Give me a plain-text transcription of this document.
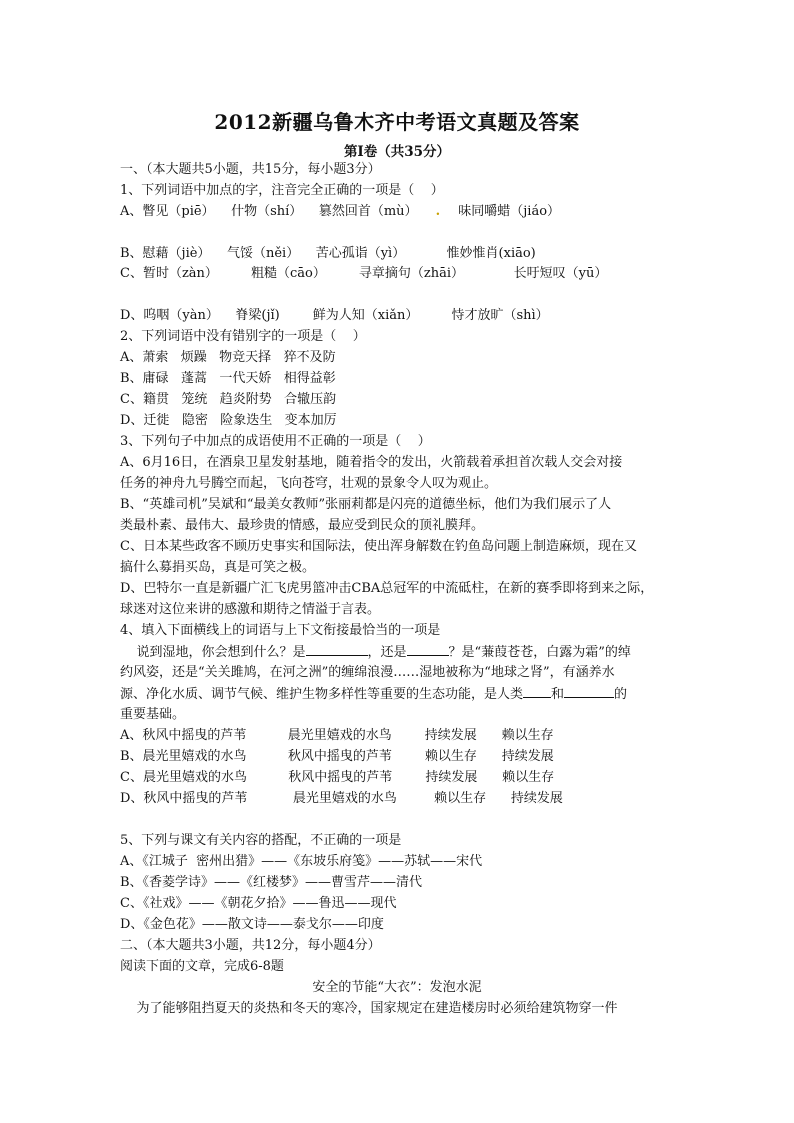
2012新疆乌鲁木齐中考语文真题及答案
第Ⅰ卷（共35分）
一、（本大题共5小题，共15分，每小题3分）
1、下列词语中加点的字，注音完全正确的一项是（    ）
A、瞥见（piē）    什物（shí）    篡然回首（mù）    .    味同嚼蜡（jiáo）
B、慰藉（jiè）    气馁（něi）    苦心孤诣（yì）          惟妙惟肖(xiāo)
C、暂时（zàn）        粗糙（cāo）        寻章摘句（zhāi）            长吁短叹（yū）
D、呜咽（yàn）    脊梁(jǐ)        鲜为人知（xiǎn）        恃才放旷（shì）
2、下列词语中没有错别字的一项是（    ）
A、萧索   烦躁   物竞天择   猝不及防
B、庸碌   蓬蒿   一代天娇   相得益彰
C、籍贯   笼统   趋炎附势   合辙压韵
D、迁徙   隐密   险象迭生   变本加厉
3、下列句子中加点的成语使用不正确的一项是（    ）
A、6月16日，在酒泉卫星发射基地，随着指令的发出，火箭载着承担首次载人交会对接
任务的神舟九号腾空而起，飞向苍穹，壮观的景象令人叹为观止。
B、“英雄司机”吴斌和“最美女教师”张丽莉都是闪亮的道德坐标，他们为我们展示了人
类最朴素、最伟大、最珍贵的情感，最应受到民众的顶礼膜拜。
C、日本某些政客不顾历史事实和国际法，使出浑身解数在钓鱼岛问题上制造麻烦，现在又
搞什么募捐买岛，真是可笑之极。
D、巴特尔一直是新疆广汇飞虎男篮冲击CBA总冠军的中流砥柱，在新的赛季即将到来之际，
球迷对这位来讲的感激和期待之情溢于言表。
4、填入下面横线上的词语与上下文衔接最恰当的一项是
说到湿地，你会想到什么？是	，还是	？是“蒹葭苍苍，白露为霜”的绰
约风姿，还是“关关雎鸠，在河之洲”的缠绵浪漫……湿地被称为“地球之肾”，有涵养水
源、净化水质、调节气候、维护生物多样性等重要的生态功能，是人类 和	的
重要基础。
A、秋风中摇曳的芦苇          晨光里嬉戏的水鸟        持续发展      赖以生存
B、晨光里嬉戏的水鸟          秋风中摇曳的芦苇        赖以生存      持续发展
C、晨光里嬉戏的水鸟          秋风中摇曳的芦苇        持续发展      赖以生存
D、秋风中摇曳的芦苇           晨光里嬉戏的水鸟         赖以生存      持续发展
5、下列与课文有关内容的搭配，不正确的一项是
A、《江城子  密州出猎》——《东坡乐府笺》——苏轼——宋代
B、《香菱学诗》——《红楼梦》——曹雪芹——清代
C、《社戏》——《朝花夕拾》——鲁迅——现代
D、《金色花》——散文诗——泰戈尔——印度
二、（本大题共3小题，共12分，每小题4分）
阅读下面的文章，完成6-8题
安全的节能“大衣”：发泡水泥
为了能够阻挡夏天的炎热和冬天的寒冷，国家规定在建造楼房时必须给建筑物穿一件
